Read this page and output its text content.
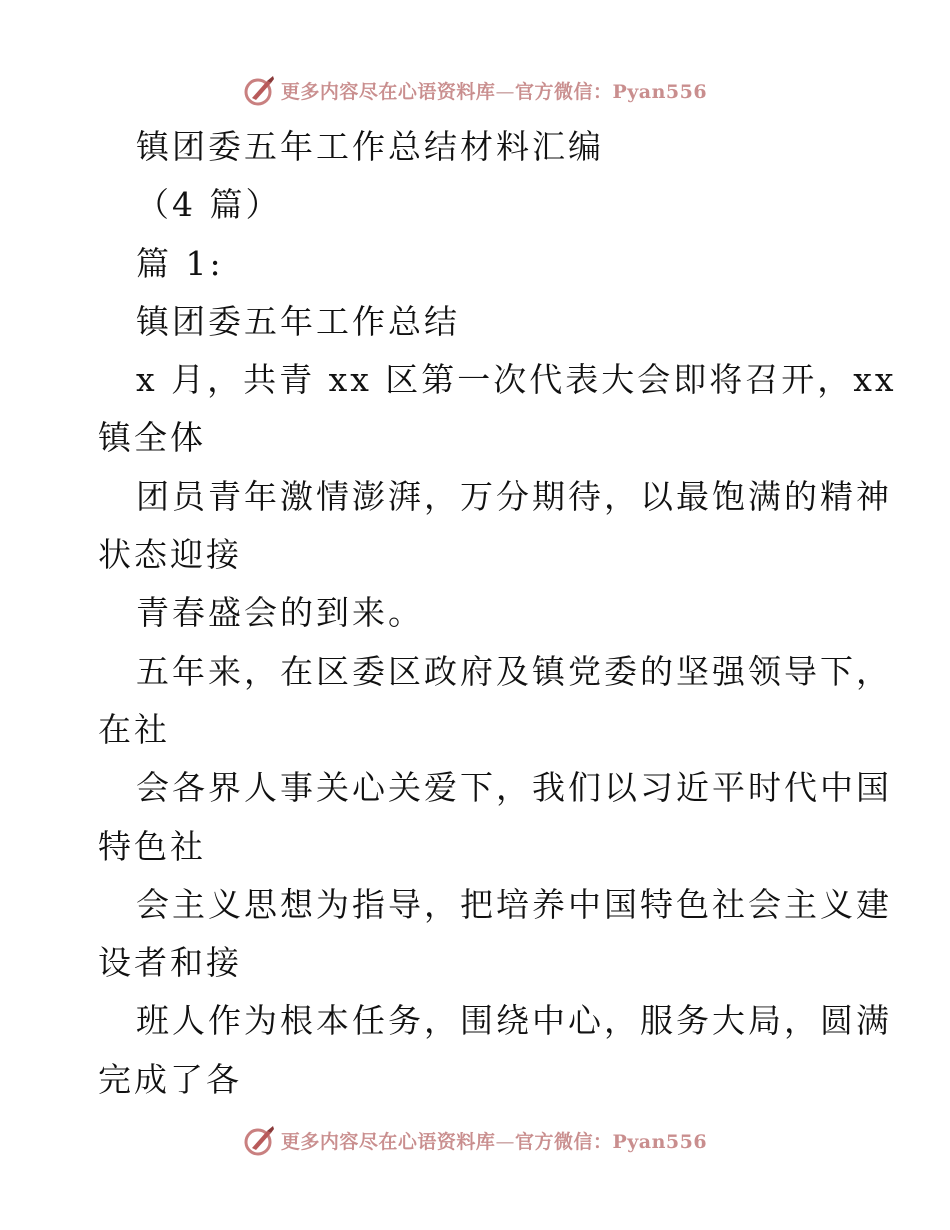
更多内容尽在心语资料库—官方微信：Pyan556
镇团委五年工作总结材料汇编
（4 篇）
篇 1:
镇团委五年工作总结
x 月，共青 xx 区第一次代表大会即将召开，xx
镇全体
团员青年激情澎湃，万分期待，以最饱满的精神
状态迎接
青春盛会的到来。
五年来，在区委区政府及镇党委的坚强领导下，
在社
会各界人事关心关爱下，我们以习近平时代中国
特色社
会主义思想为指导，把培养中国特色社会主义建
设者和接
班人作为根本任务，围绕中心，服务大局，圆满
完成了各
更多内容尽在心语资料库—官方微信：Pyan556
